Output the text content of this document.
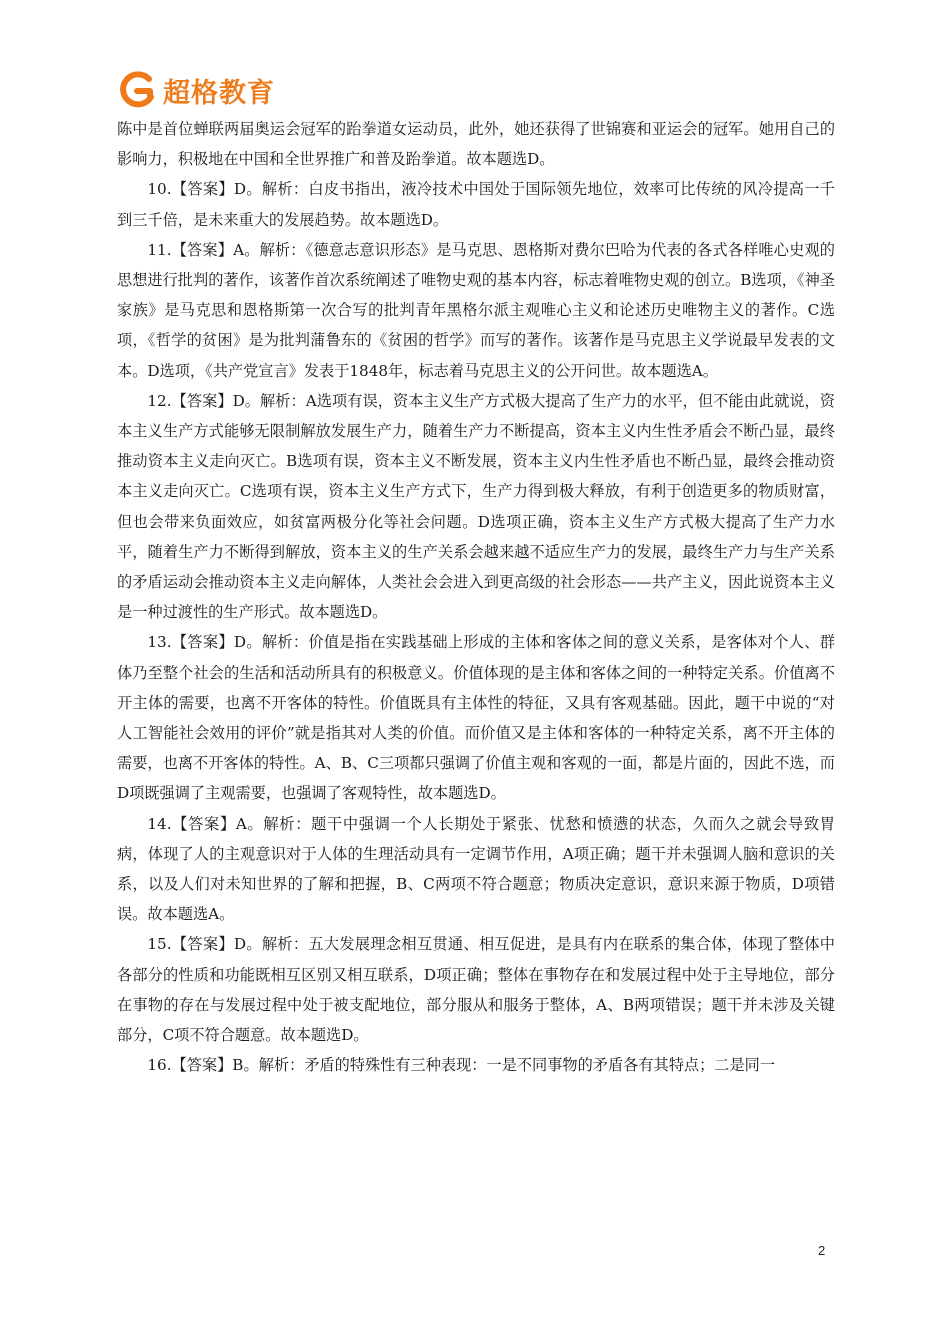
超格教育

陈中是首位蝉联两届奥运会冠军的跆拳道女运动员，此外，她还获得了世锦赛和亚运会的冠军。她用自己的影响力，积极地在中国和全世界推广和普及跆拳道。故本题选D。

10.【答案】D。解析：白皮书指出，液冷技术中国处于国际领先地位，效率可比传统的风冷提高一千到三千倍，是未来重大的发展趋势。故本题选D。

11.【答案】A。解析：《德意志意识形态》是马克思、恩格斯对费尔巴哈为代表的各式各样唯心史观的思想进行批判的著作，该著作首次系统阐述了唯物史观的基本内容，标志着唯物史观的创立。B选项，《神圣家族》是马克思和恩格斯第一次合写的批判青年黑格尔派主观唯心主义和论述历史唯物主义的著作。C选项，《哲学的贫困》是为批判蒲鲁东的《贫困的哲学》而写的著作。该著作是马克思主义学说最早发表的文本。D选项，《共产党宣言》发表于1848年，标志着马克思主义的公开问世。故本题选A。

12.【答案】D。解析：A选项有误，资本主义生产方式极大提高了生产力的水平，但不能由此就说，资本主义生产方式能够无限制解放发展生产力，随着生产力不断提高，资本主义内生性矛盾会不断凸显，最终推动资本主义走向灭亡。B选项有误，资本主义不断发展，资本主义内生性矛盾也不断凸显，最终会推动资本主义走向灭亡。C选项有误，资本主义生产方式下，生产力得到极大释放，有利于创造更多的物质财富，但也会带来负面效应，如贫富两极分化等社会问题。D选项正确，资本主义生产方式极大提高了生产力水平，随着生产力不断得到解放，资本主义的生产关系会越来越不适应生产力的发展，最终生产力与生产关系的矛盾运动会推动资本主义走向解体，人类社会会进入到更高级的社会形态——共产主义，因此说资本主义是一种过渡性的生产形式。故本题选D。

13.【答案】D。解析：价值是指在实践基础上形成的主体和客体之间的意义关系，是客体对个人、群体乃至整个社会的生活和活动所具有的积极意义。价值体现的是主体和客体之间的一种特定关系。价值离不开主体的需要，也离不开客体的特性。价值既具有主体性的特征，又具有客观基础。因此，题干中说的“对人工智能社会效用的评价”就是指其对人类的价值。而价值又是主体和客体的一种特定关系，离不开主体的需要，也离不开客体的特性。A、B、C三项都只强调了价值主观和客观的一面，都是片面的，因此不选，而D项既强调了主观需要，也强调了客观特性，故本题选D。

14.【答案】A。解析：题干中强调一个人长期处于紧张、忧愁和愤懑的状态，久而久之就会导致胃病，体现了人的主观意识对于人体的生理活动具有一定调节作用，A项正确；题干并未强调人脑和意识的关系，以及人们对未知世界的了解和把握，B、C两项不符合题意；物质决定意识，意识来源于物质，D项错误。故本题选A。

15.【答案】D。解析：五大发展理念相互贯通、相互促进，是具有内在联系的集合体，体现了整体中各部分的性质和功能既相互区别又相互联系，D项正确；整体在事物存在和发展过程中处于主导地位，部分在事物的存在与发展过程中处于被支配地位，部分服从和服务于整体，A、B两项错误；题干并未涉及关键部分，C项不符合题意。故本题选D。

16.【答案】B。解析：矛盾的特殊性有三种表现：一是不同事物的矛盾各有其特点；二是同一

2
